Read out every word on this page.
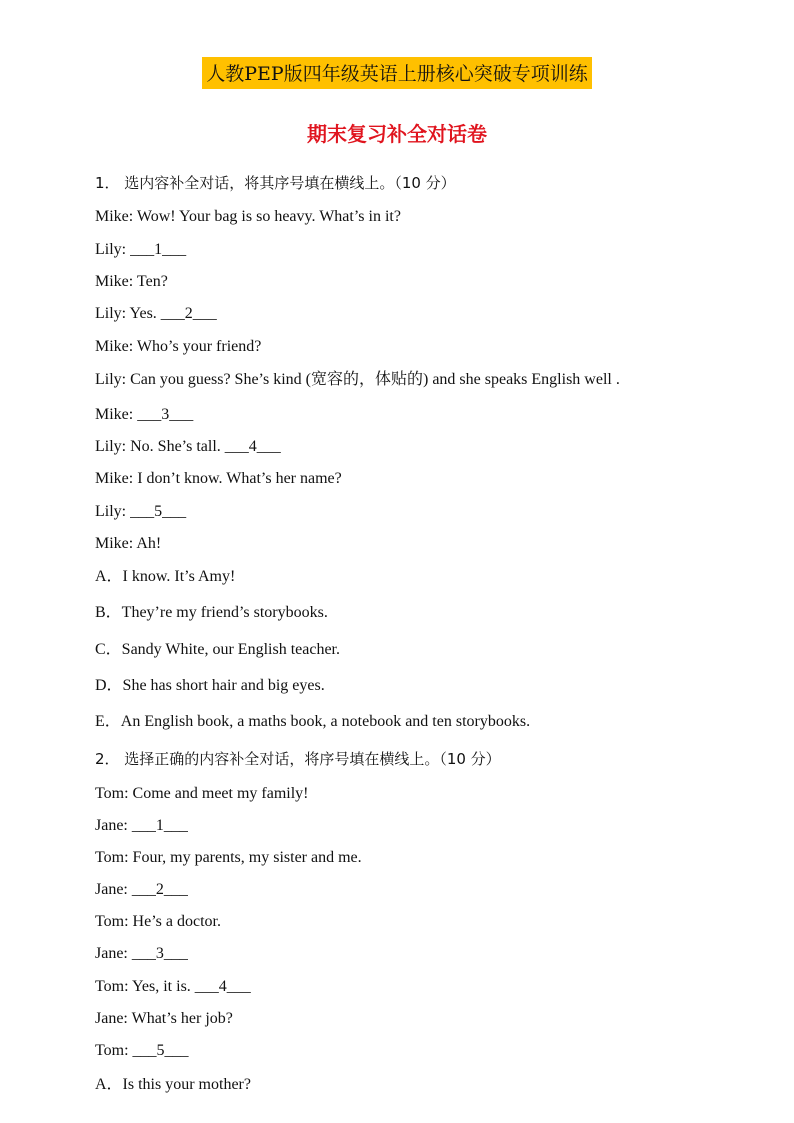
人教PEP版四年级英语上册核心突破专项训练
期末复习补全对话卷
1． 选内容补全对话，将其序号填在横线上。（10 分）
Mike: Wow! Your bag is so heavy. What’s in it?
Lily: ___1___
Mike: Ten?
Lily: Yes. ___2___
Mike: Who’s your friend?
Lily: Can you guess? She’s kind (宽容的，体贴的) and she speaks English well .
Mike: ___3___
Lily: No. She’s tall. ___4___
Mike: I don’t know. What’s her name?
Lily: ___5___
Mike: Ah!
A．I know. It’s Amy!
B．They’re my friend’s storybooks.
C．Sandy White, our English teacher.
D．She has short hair and big eyes.
E．An English book, a maths book, a notebook and ten storybooks.
2． 选择正确的内容补全对话，将序号填在横线上。（10 分）
Tom: Come and meet my family!
Jane: ___1___
Tom: Four, my parents, my sister and me.
Jane: ___2___
Tom: He’s a doctor.
Jane: ___3___
Tom: Yes, it is. ___4___
Jane: What’s her job?
Tom: ___5___
A．Is this your mother?
